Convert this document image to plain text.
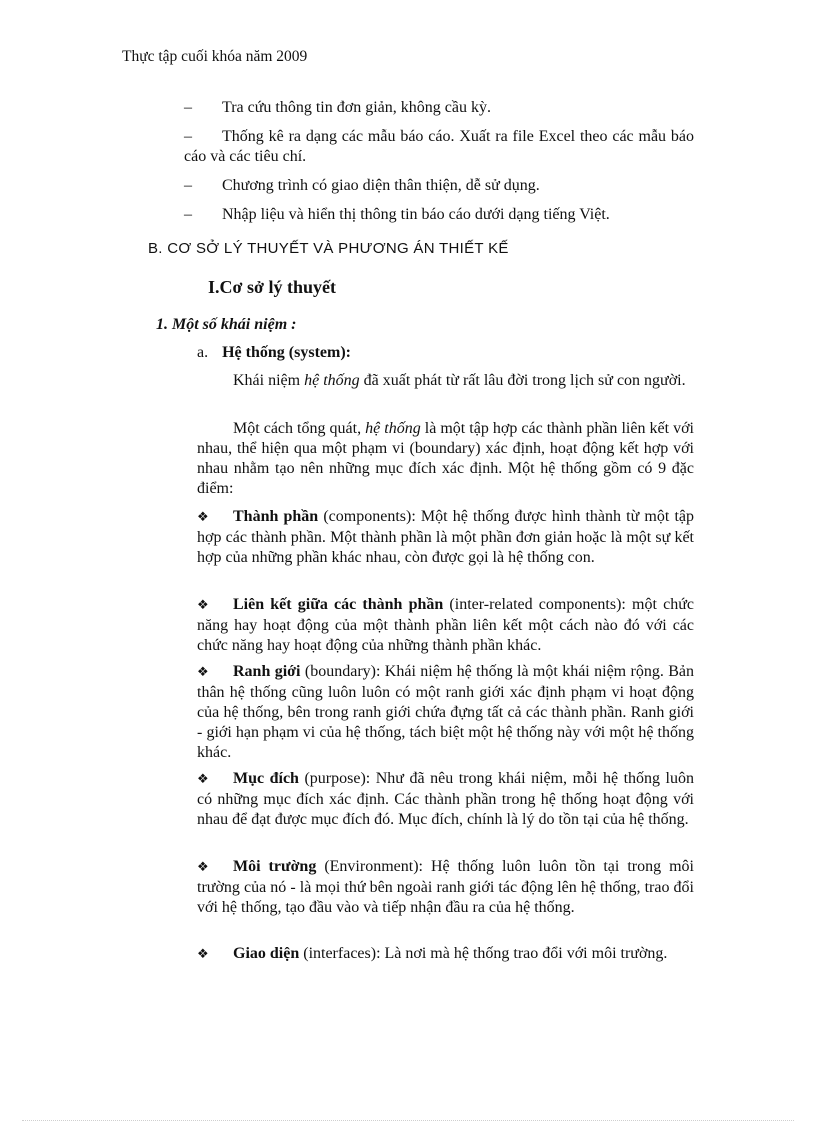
Thực tập cuối khóa năm 2009
– Tra cứu thông tin đơn giản, không cầu kỳ.
– Thống kê ra dạng các mẫu báo cáo. Xuất ra file Excel theo các mẫu báo cáo và các tiêu chí.
– Chương trình có giao diện thân thiện, dễ sử dụng.
– Nhập liệu và hiển thị thông tin báo cáo dưới dạng tiếng Việt.
B. CƠ SỞ LÝ THUYẾT VÀ PHƯƠNG ÁN THIẾT KẾ
I.Cơ sở lý thuyết
1. Một số khái niệm :
a. Hệ thống (system):
Khái niệm hệ thống đã xuất phát từ rất lâu đời trong lịch sử con người.
Một cách tổng quát, hệ thống là một tập hợp các thành phần liên kết với nhau, thể hiện qua một phạm vi (boundary) xác định, hoạt động kết hợp với nhau nhằm tạo nên những mục đích xác định. Một hệ thống gồm có 9 đặc điểm:
❖ Thành phần (components): Một hệ thống được hình thành từ một tập hợp các thành phần. Một thành phần là một phần đơn giản hoặc là một sự kết hợp của những phần khác nhau, còn được gọi là hệ thống con.
❖ Liên kết giữa các thành phần (inter-related components): một chức năng hay hoạt động của một thành phần liên kết một cách nào đó với các chức năng hay hoạt động của những thành phần khác.
❖ Ranh giới (boundary): Khái niệm hệ thống là một khái niệm rộng. Bản thân hệ thống cũng luôn luôn có một ranh giới xác định phạm vi hoạt động của hệ thống, bên trong ranh giới chứa đựng tất cả các thành phần. Ranh giới - giới hạn phạm vi của hệ thống, tách biệt một hệ thống này với một hệ thống khác.
❖ Mục đích (purpose): Như đã nêu trong khái niệm, mỗi hệ thống luôn có những mục đích xác định. Các thành phần trong hệ thống hoạt động với nhau để đạt được mục đích đó. Mục đích, chính là lý do tồn tại của hệ thống.
❖ Môi trường (Environment): Hệ thống luôn luôn tồn tại trong môi trường của nó - là mọi thứ bên ngoài ranh giới tác động lên hệ thống, trao đổi với hệ thống, tạo đầu vào và tiếp nhận đầu ra của hệ thống.
❖ Giao diện (interfaces): Là nơi mà hệ thống trao đổi với môi trường.
